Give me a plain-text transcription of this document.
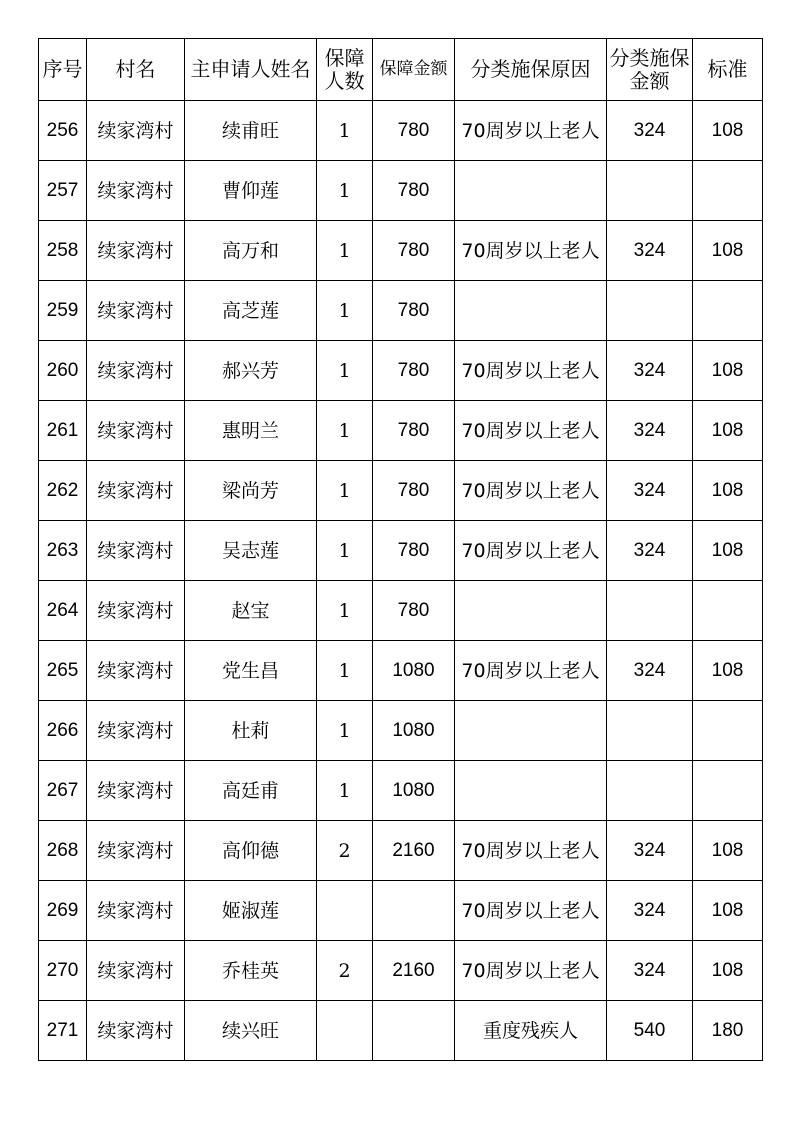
序号	村名	主申请人姓名	保障人数	保障金额	分类施保原因	分类施保金额	标准
256	续家湾村	续甫旺	1	780	70周岁以上老人	324	108
257	续家湾村	曹仰莲	1	780			
258	续家湾村	高万和	1	780	70周岁以上老人	324	108
259	续家湾村	高芝莲	1	780			
260	续家湾村	郝兴芳	1	780	70周岁以上老人	324	108
261	续家湾村	惠明兰	1	780	70周岁以上老人	324	108
262	续家湾村	梁尚芳	1	780	70周岁以上老人	324	108
263	续家湾村	吴志莲	1	780	70周岁以上老人	324	108
264	续家湾村	赵宝	1	780			
265	续家湾村	党生昌	1	1080	70周岁以上老人	324	108
266	续家湾村	杜莉	1	1080			
267	续家湾村	高廷甫	1	1080			
268	续家湾村	高仰德	2	2160	70周岁以上老人	324	108
269	续家湾村	姬淑莲			70周岁以上老人	324	108
270	续家湾村	乔桂英	2	2160	70周岁以上老人	324	108
271	续家湾村	续兴旺			重度残疾人	540	180
